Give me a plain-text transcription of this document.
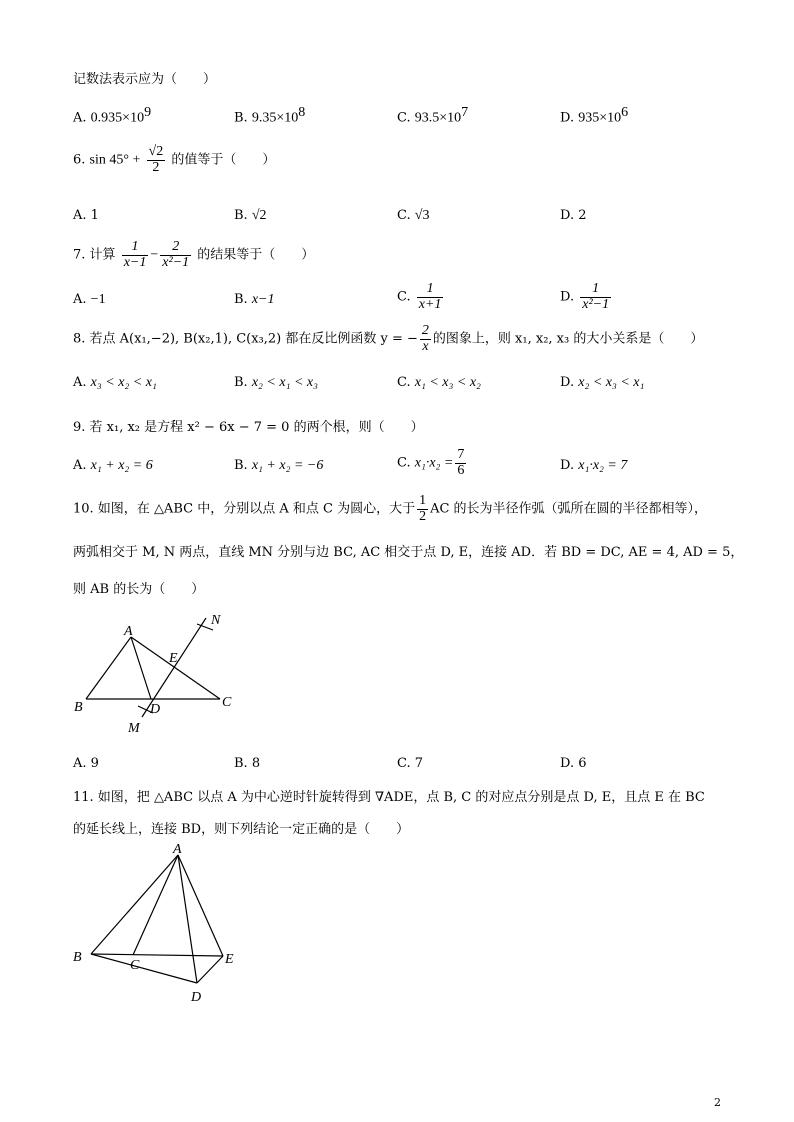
记数法表示应为（　　）
A. $0.935\times 10^9$	B. $9.35\times 10^8$	C. $93.5\times 10^7$	D. $935\times 10^6$
6. $\sin 45^\circ + \frac{√2}{2}$ 的值等于（　　）
A. 1	B. √2	C. √3	D. 2
7. 计算 $\frac{1}{x-1} - \frac{2}{\text{x²−1}}$ 的结果等于（　　）
A. −1	B. x−1	C. $\frac{1}{x+1}$	D. $\frac{1}{\text{x²−1}}$
8. 若点 A(x₁,−2), B(x₂,1), C(x₃,2) 都在反比例函数 y = − $\frac{2}{x}$ 的图象上，则 x₁, x₂, x₃ 的大小关系是（　　）
A. x₃ < x₂ < x₁	B. x₂ < x₁ < x₃	C. x₁ < x₃ < x₂	D. x₂ < x₃ < x₁
9. 若 x₁, x₂ 是方程 x² − 6x − 7 = 0 的两个根，则（　　）
A. x₁ + x₂ = 6	B. x₁ + x₂ = −6	C. $x_1\cdot x_2 = \frac{7}{6}$	D. x₁·x₂ = 7
10. 如图，在 △ABC 中，分别以点 A 和点 C 为圆心，大于 $\frac{1}{2}$ AC 的长为半径作弧（弧所在圆的半径都相等），
两弧相交于 M, N 两点，直线 MN 分别与边 BC, AC 相交于点 D, E，连接 AD．若 BD = DC, AE = 4, AD = 5，
则 AB 的长为（　　）
A
B	C
D
E
M
N
A. 9	B. 8	C. 7	D. 6
11. 如图，把 △ABC 以点 A 为中心逆时针旋转得到 ∇ADE，点 B, C 的对应点分别是点 D, E，且点 E 在 BC
的延长线上，连接 BD，则下列结论一定正确的是（　　）
A
B
C
D
E
2
